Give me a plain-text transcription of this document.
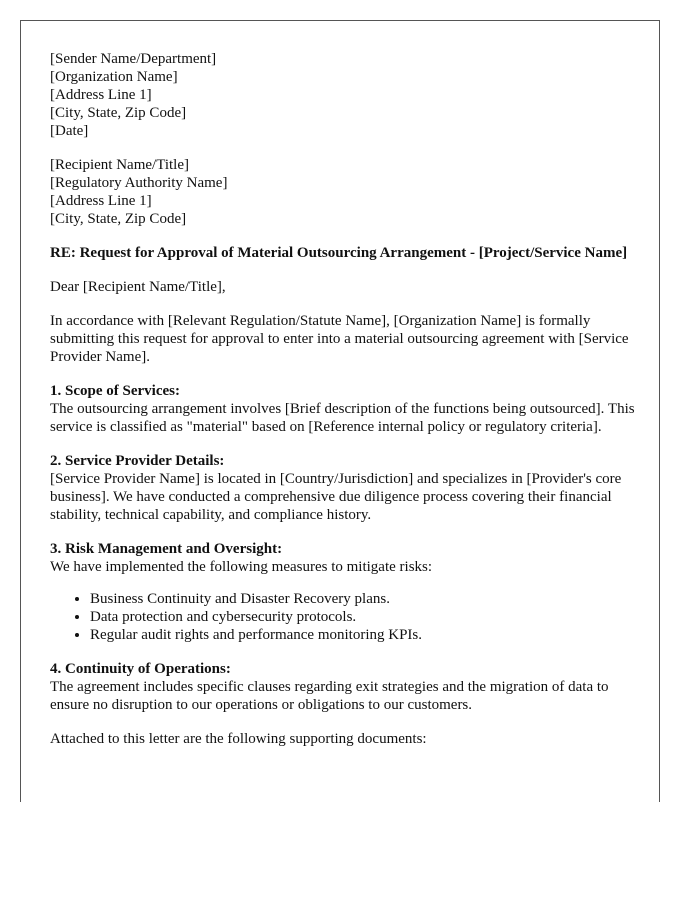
[Sender Name/Department]
[Organization Name]
[Address Line 1]
[City, State, Zip Code]
[Date]
[Recipient Name/Title]
[Regulatory Authority Name]
[Address Line 1]
[City, State, Zip Code]
RE: Request for Approval of Material Outsourcing Arrangement - [Project/Service Name]

Dear [Recipient Name/Title],

In accordance with [Relevant Regulation/Statute Name], [Organization Name] is formally submitting this request for approval to enter into a material outsourcing agreement with [Service Provider Name].

1. Scope of Services:
The outsourcing arrangement involves [Brief description of the functions being outsourced]. This service is classified as "material" based on [Reference internal policy or regulatory criteria].

2. Service Provider Details:
[Service Provider Name] is located in [Country/Jurisdiction] and specializes in [Provider's core business]. We have conducted a comprehensive due diligence process covering their financial stability, technical capability, and compliance history.

3. Risk Management and Oversight:
We have implemented the following measures to mitigate risks:

• Business Continuity and Disaster Recovery plans.
• Data protection and cybersecurity protocols.
• Regular audit rights and performance monitoring KPIs.

4. Continuity of Operations:
The agreement includes specific clauses regarding exit strategies and the migration of data to ensure no disruption to our operations or obligations to our customers.

Attached to this letter are the following supporting documents:
